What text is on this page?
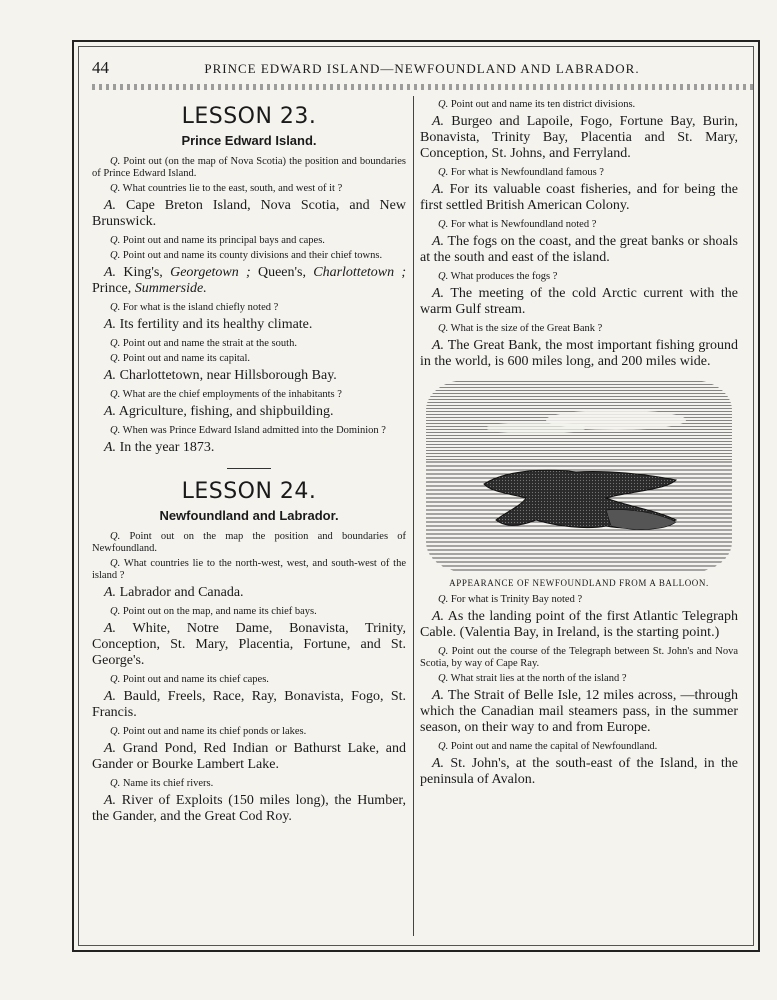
44	PRINCE EDWARD ISLAND—NEWFOUNDLAND AND LABRADOR.
LESSON 23.
Prince Edward Island.

Q. Point out (on the map of Nova Scotia) the position and boundaries of Prince Edward Island.

Q. What countries lie to the east, south, and west of it ?

A. Cape Breton Island, Nova Scotia, and New Brunswick.

Q. Point out and name its principal bays and capes.

Q. Point out and name its county divisions and their chief towns.

A. King's, Georgetown ; Queen's, Charlottetown ; Prince, Summerside.

Q. For what is the island chiefly noted ?

A. Its fertility and its healthy climate.

Q. Point out and name the strait at the south.

Q. Point out and name its capital.

A. Charlottetown, near Hillsborough Bay.

Q. What are the chief employments of the inhabitants ?

A. Agriculture, fishing, and shipbuilding.

Q. When was Prince Edward Island admitted into the Dominion ?

A. In the year 1873.

LESSON 24.
Newfoundland and Labrador.

Q. Point out on the map the position and boundaries of Newfoundland.

Q. What countries lie to the north-west, west, and south-west of the island ?

A. Labrador and Canada.

Q. Point out on the map, and name its chief bays.

A. White, Notre Dame, Bonavista, Trinity, Conception, St. Mary, Placentia, Fortune, and St. George's.

Q. Point out and name its chief capes.

A. Bauld, Freels, Race, Ray, Bonavista, Fogo, St. Francis.

Q. Point out and name its chief ponds or lakes.

A. Grand Pond, Red Indian or Bathurst Lake, and Gander or Bourke Lambert Lake.

Q. Name its chief rivers.

A. River of Exploits (150 miles long), the Humber, the Gander, and the Great Cod Roy.

Q. Point out and name its ten district divisions.

A. Burgeo and Lapoile, Fogo, Fortune Bay, Burin, Bonavista, Trinity Bay, Placentia and St. Mary, Conception, St. Johns, and Ferryland.

Q. For what is Newfoundland famous ?

A. For its valuable coast fisheries, and for being the first settled British American Colony.

Q. For what is Newfoundland noted ?

A. The fogs on the coast, and the great banks or shoals at the south and east of the island.

Q. What produces the fogs ?

A. The meeting of the cold Arctic current with the warm Gulf stream.

Q. What is the size of the Great Bank ?

A. The Great Bank, the most important fishing ground in the world, is 600 miles long, and 200 miles wide.

APPEARANCE OF NEWFOUNDLAND FROM A BALLOON.

Q. For what is Trinity Bay noted ?

A. As the landing point of the first Atlantic Telegraph Cable. (Valentia Bay, in Ireland, is the starting point.)

Q. Point out the course of the Telegraph between St. John's and Nova Scotia, by way of Cape Ray.

Q. What strait lies at the north of the island ?

A. The Strait of Belle Isle, 12 miles across, —through which the Canadian mail steamers pass, in the summer season, on their way to and from Europe.

Q. Point out and name the capital of Newfoundland.

A. St. John's, at the south-east of the Island, in the peninsula of Avalon.
